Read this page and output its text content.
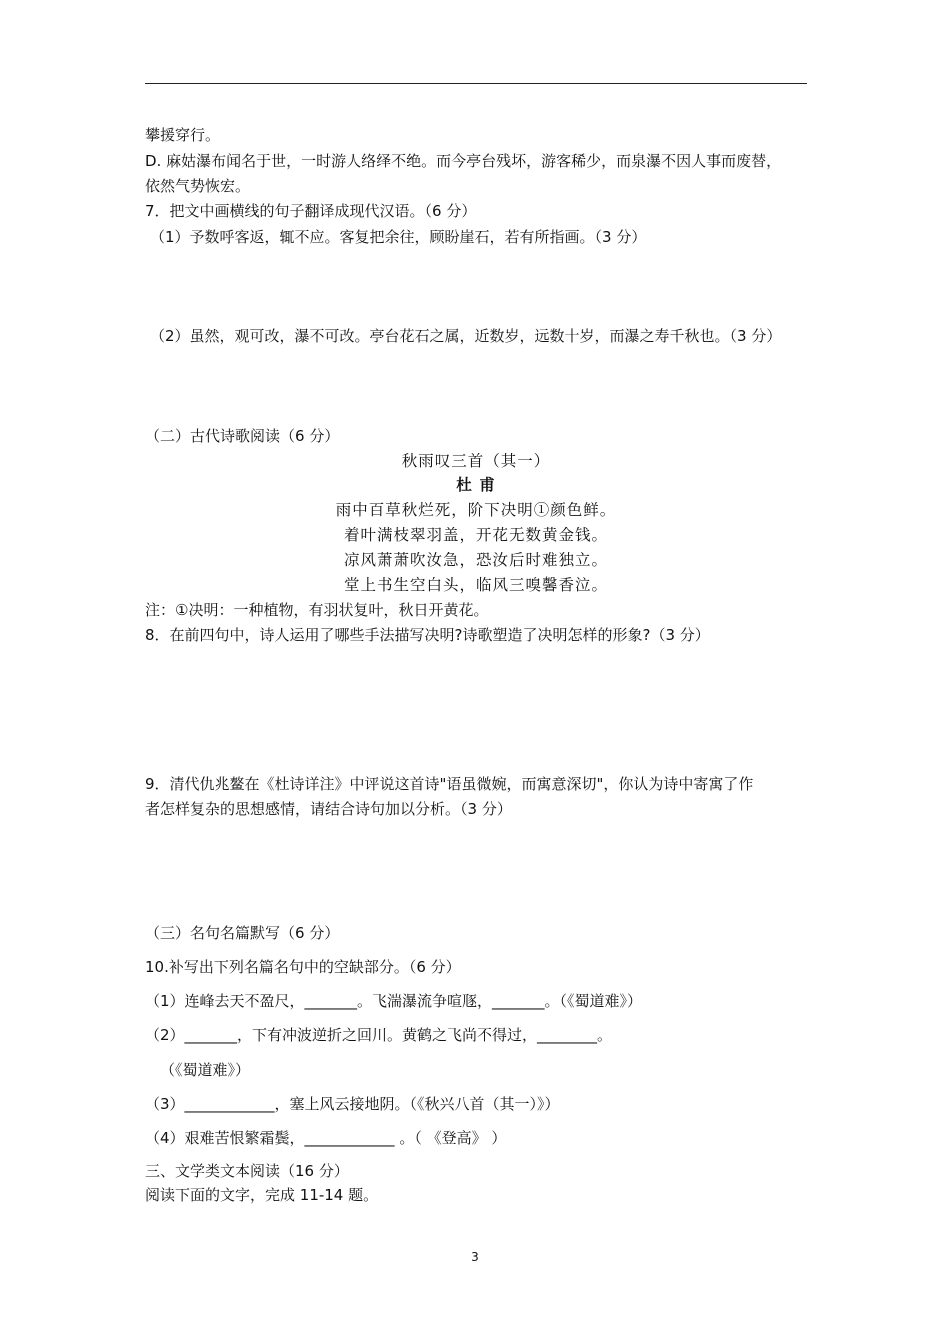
攀援穿行。
D. 麻姑瀑布闻名于世，一时游人络绎不绝。而今亭台残坏，游客稀少，而泉瀑不因人事而废替，
依然气势恢宏。
7．把文中画横线的句子翻译成现代汉语。（6 分）
（1）予数呼客返，辄不应。客复把余往，顾盼崖石，若有所指画。（3 分）
（2）虽然，观可改，瀑不可改。亭台花石之属，近数岁，远数十岁，而瀑之寿千秋也。（3 分）
（二）古代诗歌阅读（6 分）
秋雨叹三首（其一）
杜 甫
雨中百草秋烂死，阶下决明①颜色鲜。
着叶满枝翠羽盖，开花无数黄金钱。
凉风萧萧吹汝急，恐汝后时难独立。
堂上书生空白头，临风三嗅馨香泣。
注：①决明：一种植物，有羽状复叶，秋日开黄花。
8．在前四句中，诗人运用了哪些手法描写决明?诗歌塑造了决明怎样的形象?（3 分）
9．清代仇兆鳌在《杜诗详注》中评说这首诗"语虽微婉，而寓意深切"，你认为诗中寄寓了作
者怎样复杂的思想感情，请结合诗句加以分析。（3 分）
（三）名句名篇默写（6 分）
10.补写出下列名篇名句中的空缺部分。（6 分）
（1）连峰去天不盈尺，_______。飞湍瀑流争喧豗，_______。（《蜀道难》）
（2）_______，下有冲波逆折之回川。黄鹤之飞尚不得过，________。
（《蜀道难》）
（3）____________，塞上风云接地阴。（《秋兴八首（其一）》）
（4）艰难苦恨繁霜鬓，____________ 。（ 《登高》 ）
三、文学类文本阅读（16 分）
阅读下面的文字，完成 11-14 题。
3
